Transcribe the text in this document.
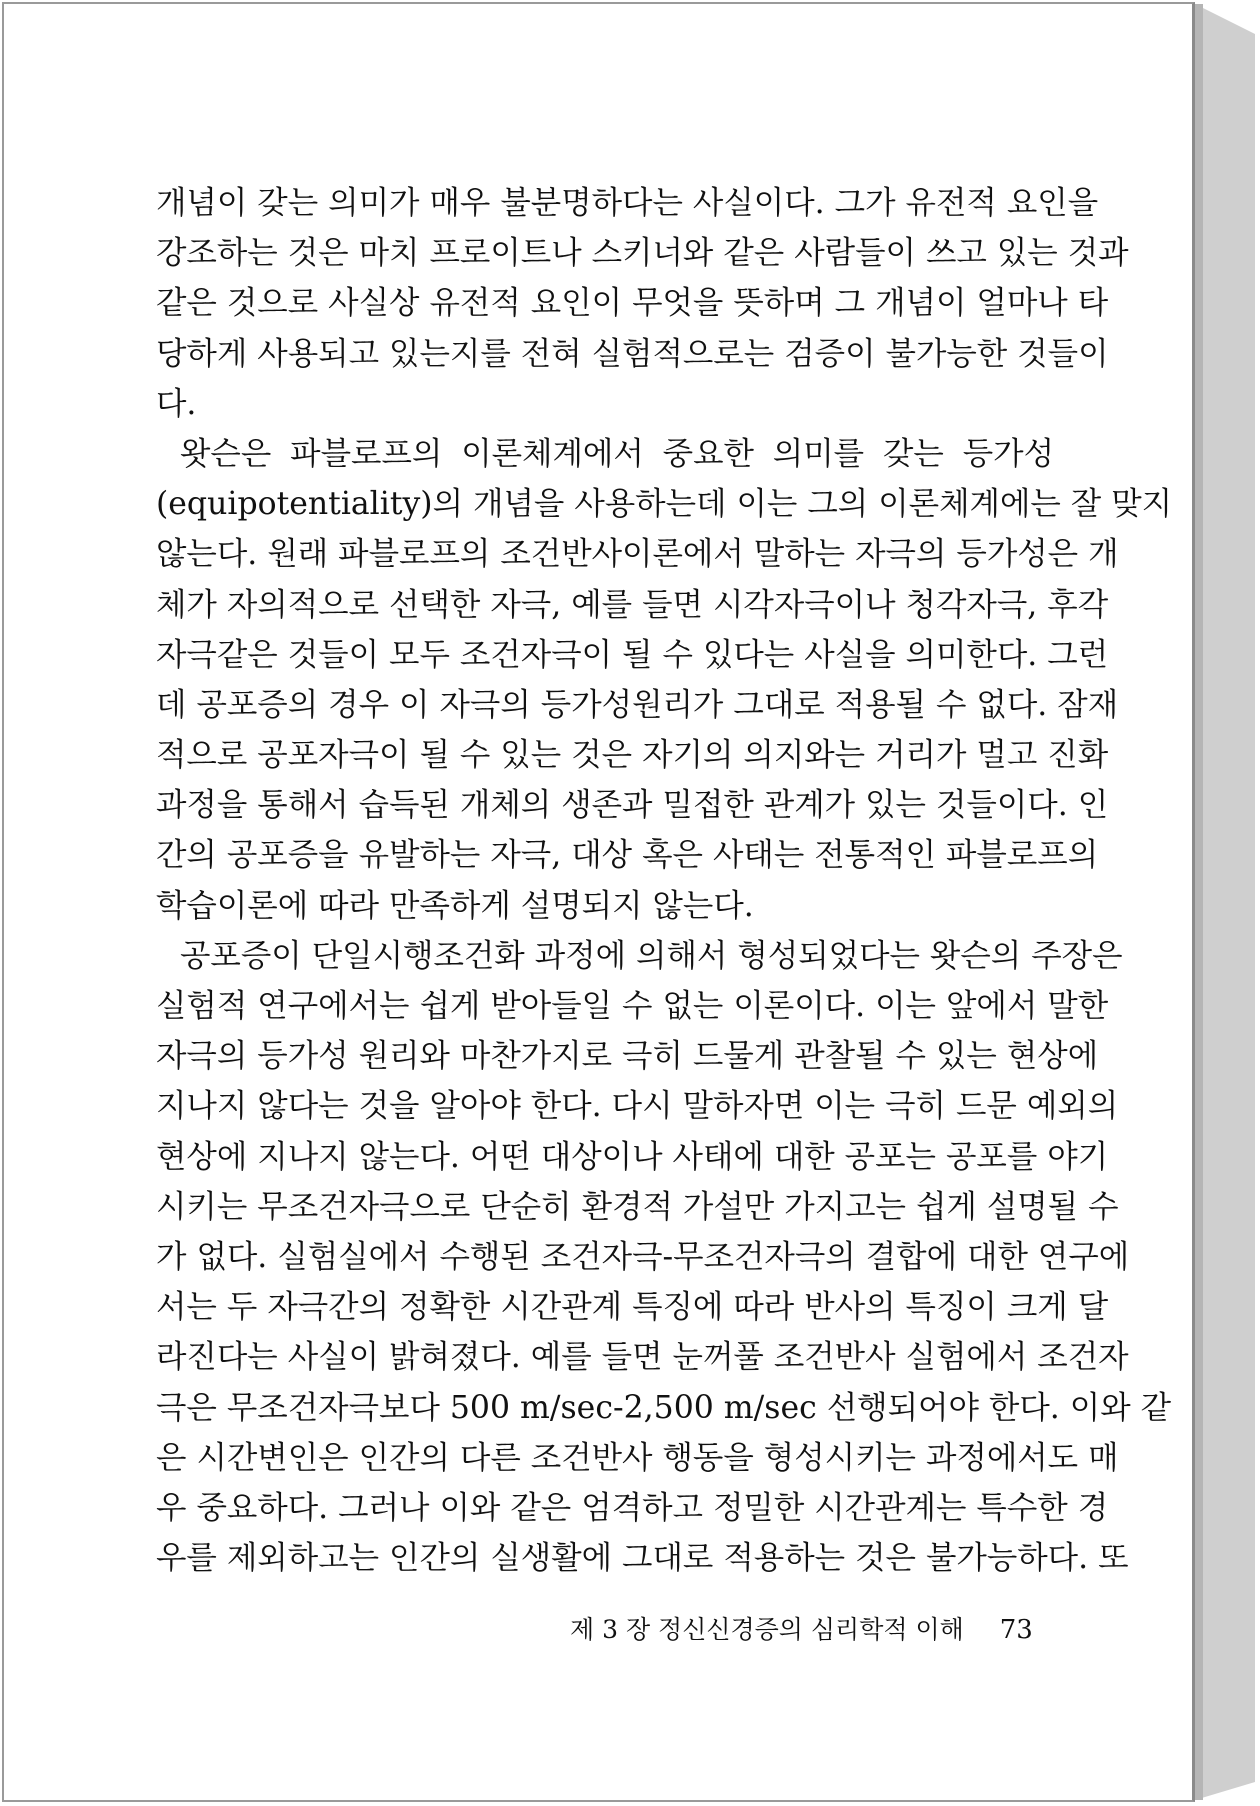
개념이 갖는 의미가 매우 불분명하다는 사실이다. 그가 유전적 요인을
강조하는 것은 마치 프로이트나 스키너와 같은 사람들이 쓰고 있는 것과
같은 것으로 사실상 유전적 요인이 무엇을 뜻하며 그 개념이 얼마나 타
당하게 사용되고 있는지를 전혀 실험적으로는 검증이 불가능한 것들이
다.
왓슨은 파블로프의 이론체계에서 중요한 의미를 갖는 등가성
(equipotentiality)의 개념을 사용하는데 이는 그의 이론체계에는 잘 맞지
않는다. 원래 파블로프의 조건반사이론에서 말하는 자극의 등가성은 개
체가 자의적으로 선택한 자극, 예를 들면 시각자극이나 청각자극, 후각
자극같은 것들이 모두 조건자극이 될 수 있다는 사실을 의미한다. 그런
데 공포증의 경우 이 자극의 등가성원리가 그대로 적용될 수 없다. 잠재
적으로 공포자극이 될 수 있는 것은 자기의 의지와는 거리가 멀고 진화
과정을 통해서 습득된 개체의 생존과 밀접한 관계가 있는 것들이다. 인
간의 공포증을 유발하는 자극, 대상 혹은 사태는 전통적인 파블로프의
학습이론에 따라 만족하게 설명되지 않는다.
공포증이 단일시행조건화 과정에 의해서 형성되었다는 왓슨의 주장은
실험적 연구에서는 쉽게 받아들일 수 없는 이론이다. 이는 앞에서 말한
자극의 등가성 원리와 마찬가지로 극히 드물게 관찰될 수 있는 현상에
지나지 않다는 것을 알아야 한다. 다시 말하자면 이는 극히 드문 예외의
현상에 지나지 않는다. 어떤 대상이나 사태에 대한 공포는 공포를 야기
시키는 무조건자극으로 단순히 환경적 가설만 가지고는 쉽게 설명될 수
가 없다. 실험실에서 수행된 조건자극-무조건자극의 결합에 대한 연구에
서는 두 자극간의 정확한 시간관계 특징에 따라 반사의 특징이 크게 달
라진다는 사실이 밝혀졌다. 예를 들면 눈꺼풀 조건반사 실험에서 조건자
극은 무조건자극보다 500 m/sec-2,500 m/sec 선행되어야 한다. 이와 같
은 시간변인은 인간의 다른 조건반사 행동을 형성시키는 과정에서도 매
우 중요하다. 그러나 이와 같은 엄격하고 정밀한 시간관계는 특수한 경
우를 제외하고는 인간의 실생활에 그대로 적용하는 것은 불가능하다. 또
제 3 장 정신신경증의 심리학적 이해 73
